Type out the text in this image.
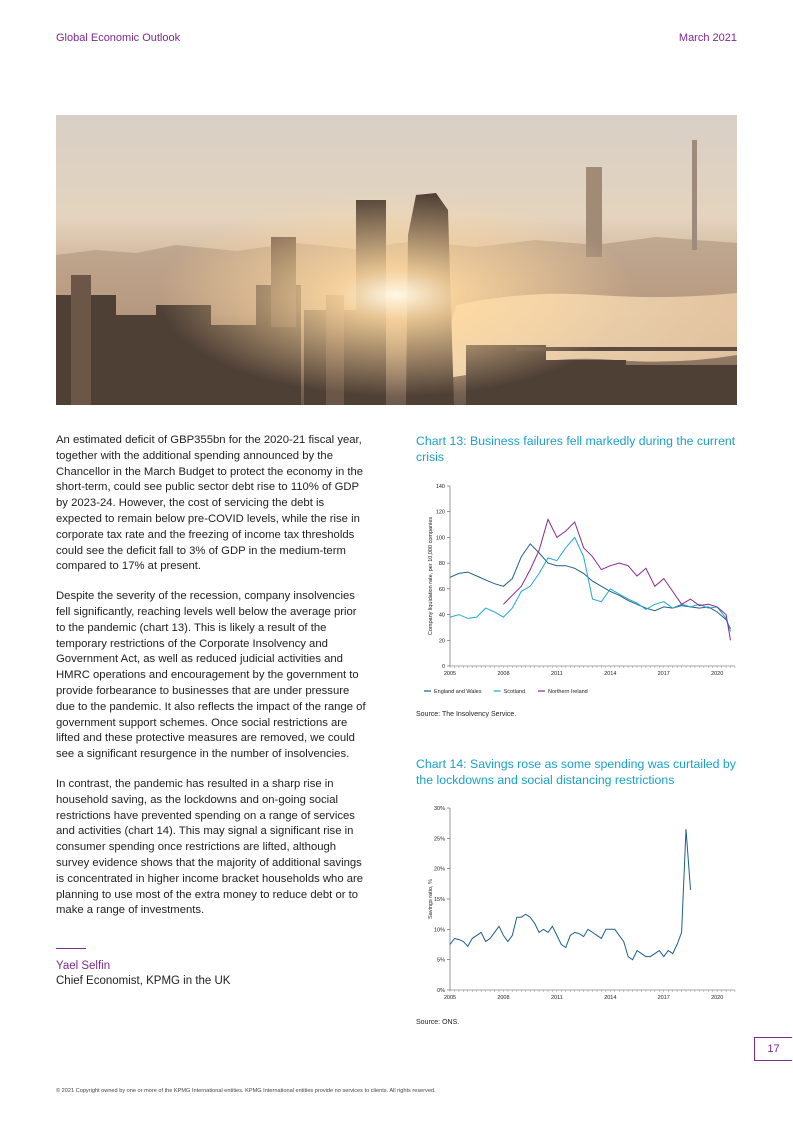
Global Economic Outlook	March 2021

An estimated deficit of GBP355bn for the 2020-21 fiscal year, together with the additional spending announced by the Chancellor in the March Budget to protect the economy in the short-term, could see public sector debt rise to 110% of GDP by 2023-24. However, the cost of servicing the debt is expected to remain below pre-COVID levels, while the rise in corporate tax rate and the freezing of income tax thresholds could see the deficit fall to 3% of GDP in the medium-term compared to 17% at present.

Despite the severity of the recession, company insolvencies fell significantly, reaching levels well below the average prior to the pandemic (chart 13). This is likely a result of the temporary restrictions of the Corporate Insolvency and Government Act, as well as reduced judicial activities and HMRC operations and encouragement by the government to provide forbearance to businesses that are under pressure due to the pandemic. It also reflects the impact of the range of government support schemes. Once social restrictions are lifted and these protective measures are removed, we could see a significant resurgence in the number of insolvencies.

In contrast, the pandemic has resulted in a sharp rise in household saving, as the lockdowns and on-going social restrictions have prevented spending on a range of services and activities (chart 14). This may signal a significant rise in consumer spending once restrictions are lifted, although survey evidence shows that the majority of additional savings is concentrated in higher income bracket households who are planning to use most of the extra money to reduce debt or to make a range of investments.

Yael Selfin
Chief Economist, KPMG in the UK
Chart 13: Business failures fell markedly during the current crisis
0
20
40
60
80
100
120
140
2005	2008	2011	2014	2017	2020
Company liquidation rate, per 10,000 companies
England and Wales	Scotland	Northern Ireland
Source: The Insolvency Service.
Chart 14: Savings rose as some spending was curtailed by the lockdowns and social distancing restrictions
0%
5%
10%
15%
20%
25%
30%
2005	2008	2011	2014	2017	2020
Savings ratio, %
Source: ONS.
17
© 2021 Copyright owned by one or more of the KPMG International entities. KPMG International entities provide no services to clients. All rights reserved.
